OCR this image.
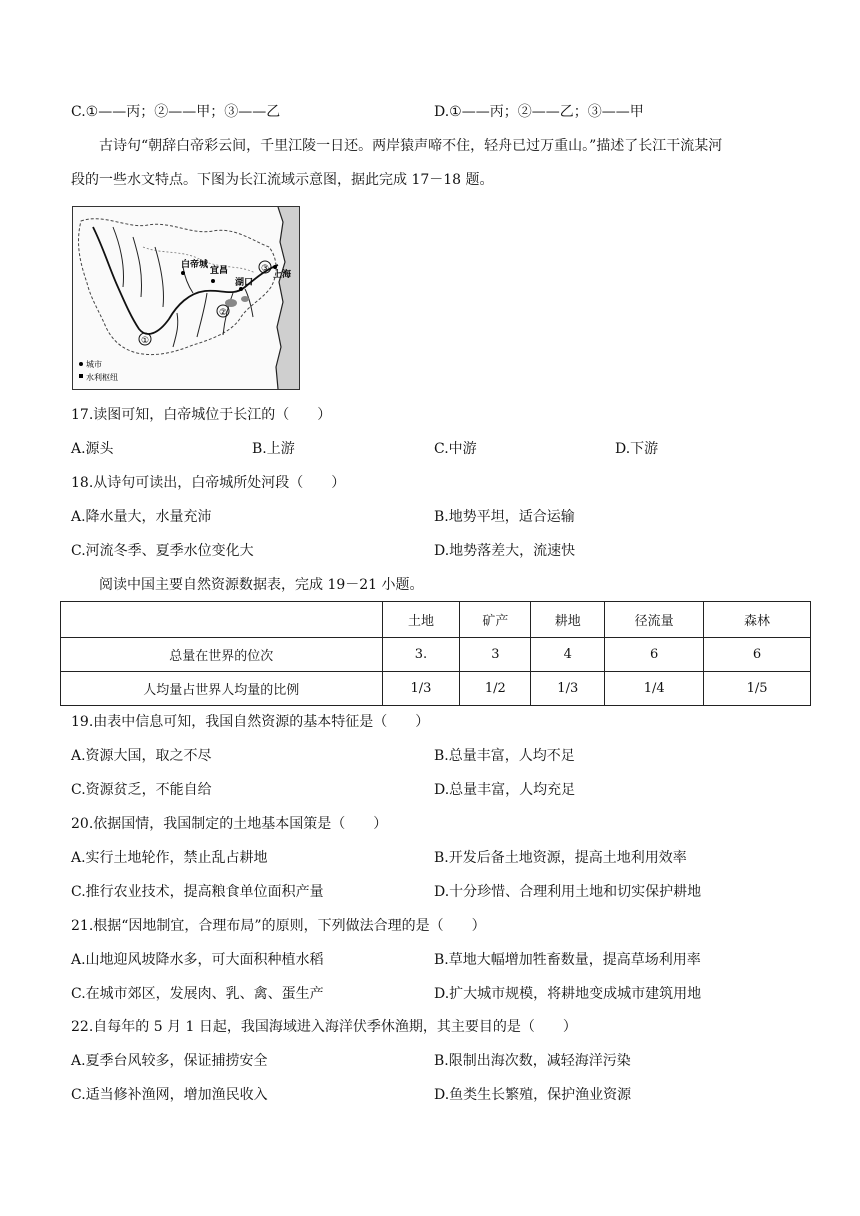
C.①——丙；②——甲；③——乙	D.①——丙；②——乙；③——甲
古诗句“朝辞白帝彩云间，千里江陵一日还。两岸猿声啼不住，轻舟已过万重山。”描述了长江干流某河
段的一些水文特点。下图为长江流域示意图，据此完成 17－18 题。
①
②
③
白帝城
宜昌
湖口
上海
城市
水利枢纽
17.读图可知，白帝城位于长江的（　　）
A.源头	B.上游	C.中游	D.下游
18.从诗句可读出，白帝城所处河段（　　）
A.降水量大，水量充沛	B.地势平坦，适合运输
C.河流冬季、夏季水位变化大	D.地势落差大，流速快
阅读中国主要自然资源数据表，完成 19－21 小题。
	土地	矿产	耕地	径流量	森林
总量在世界的位次	3.	3	4	6	6
人均量占世界人均量的比例	1/3	1/2	1/3	1/4	1/5
19.由表中信息可知，我国自然资源的基本特征是（　　）
A.资源大国，取之不尽	B.总量丰富，人均不足
C.资源贫乏，不能自给	D.总量丰富，人均充足
20.依据国情，我国制定的土地基本国策是（　　）
A.实行土地轮作，禁止乱占耕地	B.开发后备土地资源，提高土地利用效率
C.推行农业技术，提高粮食单位面积产量	D.十分珍惜、合理利用土地和切实保护耕地
21.根据“因地制宜，合理布局”的原则，下列做法合理的是（　　）
A.山地迎风坡降水多，可大面积种植水稻	B.草地大幅增加牲畜数量，提高草场利用率
C.在城市郊区，发展肉、乳、禽、蛋生产	D.扩大城市规模，将耕地变成城市建筑用地
22.自每年的 5 月 1 日起，我国海域进入海洋伏季休渔期，其主要目的是（　　）
A.夏季台风较多，保证捕捞安全	B.限制出海次数，减轻海洋污染
C.适当修补渔网，增加渔民收入	D.鱼类生长繁殖，保护渔业资源
